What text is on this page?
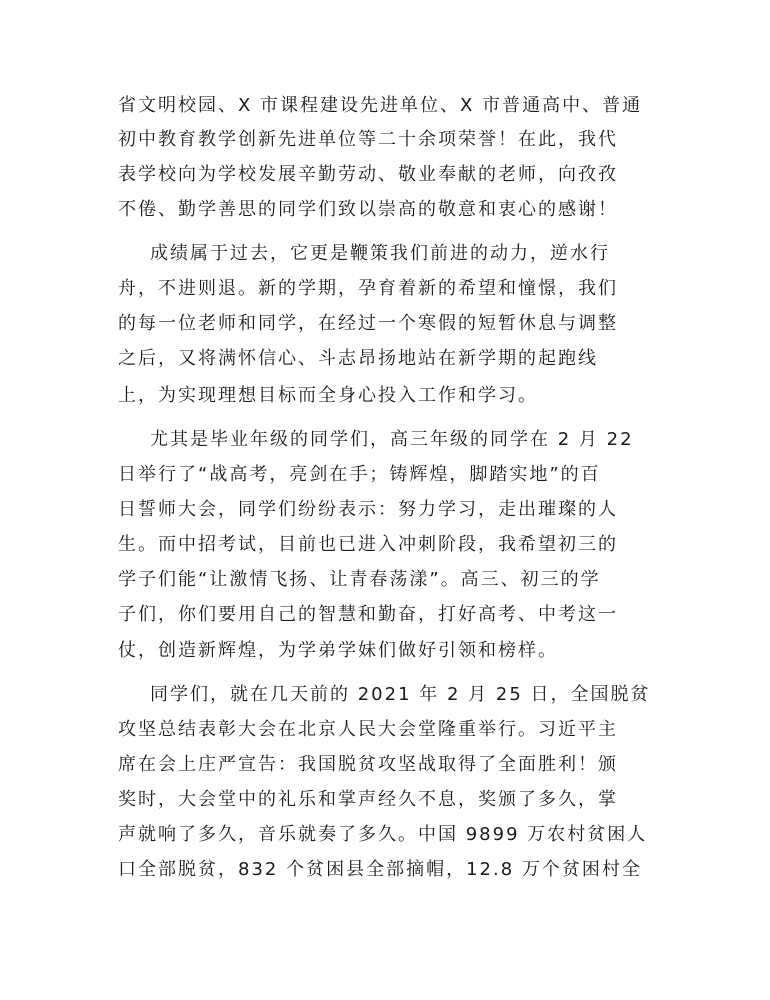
省文明校园、X 市课程建设先进单位、X 市普通高中、普通
初中教育教学创新先进单位等二十余项荣誉！在此，我代
表学校向为学校发展辛勤劳动、敬业奉献的老师，向孜孜
不倦、勤学善思的同学们致以崇高的敬意和衷心的感谢！
成绩属于过去，它更是鞭策我们前进的动力，逆水行
舟，不进则退。新的学期，孕育着新的希望和憧憬，我们
的每一位老师和同学，在经过一个寒假的短暂休息与调整
之后，又将满怀信心、斗志昂扬地站在新学期的起跑线
上，为实现理想目标而全身心投入工作和学习。
尤其是毕业年级的同学们，高三年级的同学在 2 月 22
日举行了“战高考，亮剑在手；铸辉煌，脚踏实地”的百
日誓师大会，同学们纷纷表示：努力学习，走出璀璨的人
生。而中招考试，目前也已进入冲刺阶段，我希望初三的
学子们能“让激情飞扬、让青春荡漾”。高三、初三的学
子们，你们要用自己的智慧和勤奋，打好高考、中考这一
仗，创造新辉煌，为学弟学妹们做好引领和榜样。
同学们，就在几天前的 2021 年 2 月 25 日，全国脱贫
攻坚总结表彰大会在北京人民大会堂隆重举行。习近平主
席在会上庄严宣告：我国脱贫攻坚战取得了全面胜利！颁
奖时，大会堂中的礼乐和掌声经久不息，奖颁了多久，掌
声就响了多久，音乐就奏了多久。中国 9899 万农村贫困人
口全部脱贫，832 个贫困县全部摘帽，12.8 万个贫困村全
